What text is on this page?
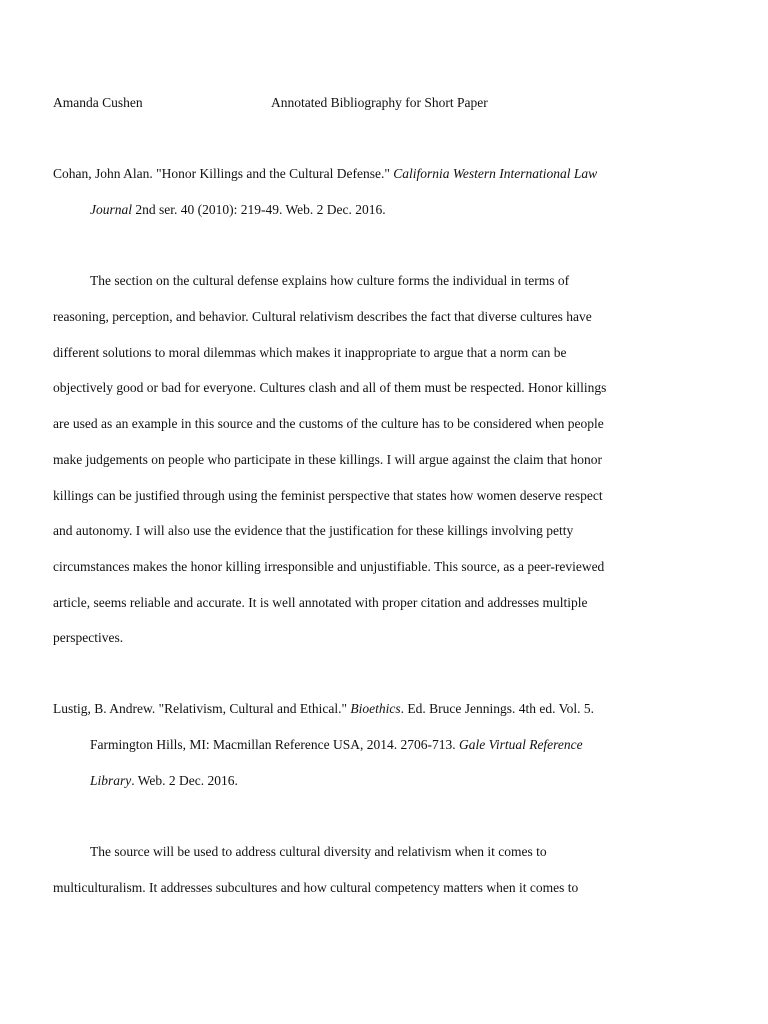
Amanda Cushen	Annotated Bibliography for Short Paper
Cohan, John Alan. "Honor Killings and the Cultural Defense." California Western International Law
Journal 2nd ser. 40 (2010): 219-49. Web. 2 Dec. 2016.
The section on the cultural defense explains how culture forms the individual in terms of
reasoning, perception, and behavior. Cultural relativism describes the fact that diverse cultures have
different solutions to moral dilemmas which makes it inappropriate to argue that a norm can be
objectively good or bad for everyone. Cultures clash and all of them must be respected. Honor killings
are used as an example in this source and the customs of the culture has to be considered when people
make judgements on people who participate in these killings. I will argue against the claim that honor
killings can be justified through using the feminist perspective that states how women deserve respect
and autonomy. I will also use the evidence that the justification for these killings involving petty
circumstances makes the honor killing irresponsible and unjustifiable. This source, as a peer-reviewed
article, seems reliable and accurate. It is well annotated with proper citation and addresses multiple
perspectives.
Lustig, B. Andrew. "Relativism, Cultural and Ethical." Bioethics. Ed. Bruce Jennings. 4th ed. Vol. 5.
Farmington Hills, MI: Macmillan Reference USA, 2014. 2706-713. Gale Virtual Reference
Library. Web. 2 Dec. 2016.
The source will be used to address cultural diversity and relativism when it comes to
multiculturalism. It addresses subcultures and how cultural competency matters when it comes to
